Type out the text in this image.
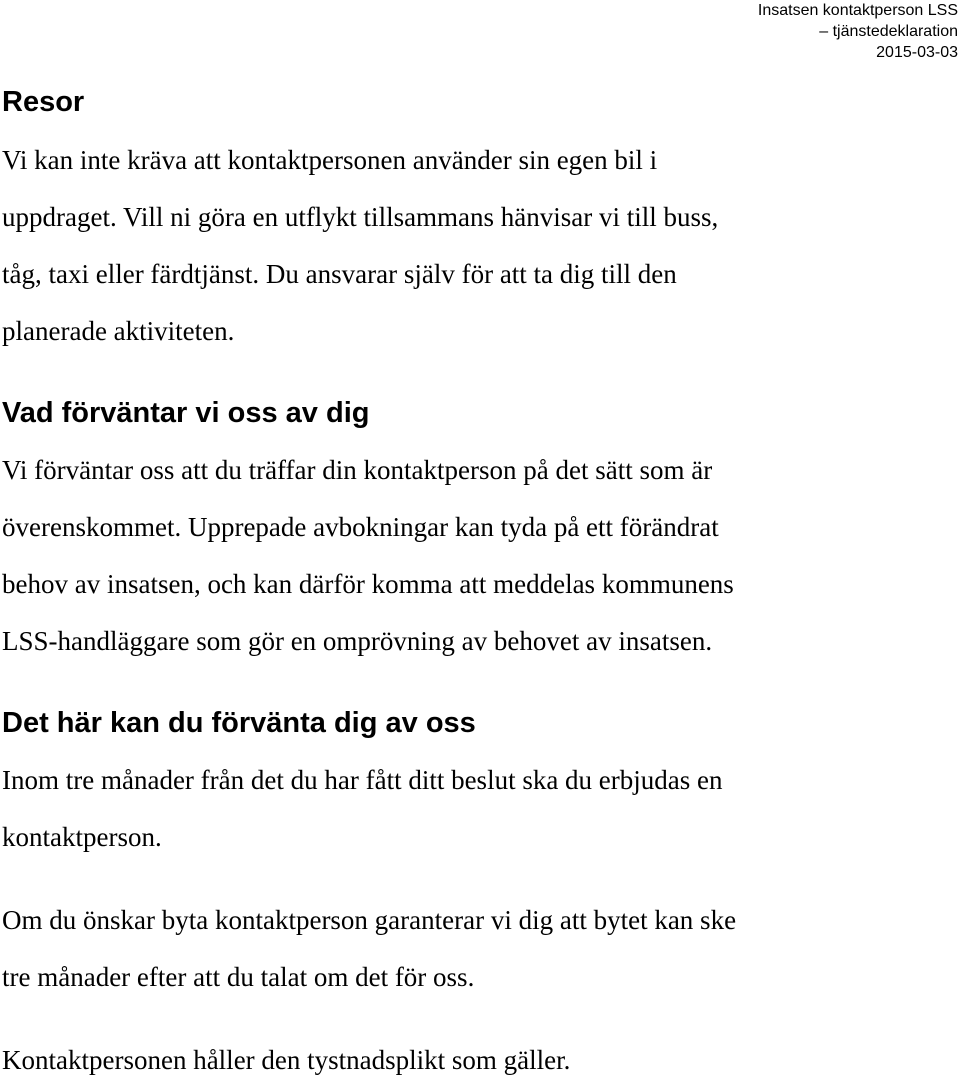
Insatsen kontaktperson LSS
– tjänstedeklaration
2015-03-03
Resor

Vi kan inte kräva att kontaktpersonen använder sin egen bil i
uppdraget. Vill ni göra en utflykt tillsammans hänvisar vi till buss,
tåg, taxi eller färdtjänst. Du ansvarar själv för att ta dig till den
planerade aktiviteten.

Vad förväntar vi oss av dig

Vi förväntar oss att du träffar din kontaktperson på det sätt som är
överenskommet. Upprepade avbokningar kan tyda på ett förändrat
behov av insatsen, och kan därför komma att meddelas kommunens
LSS-handläggare som gör en omprövning av behovet av insatsen.

Det här kan du förvänta dig av oss

Inom tre månader från det du har fått ditt beslut ska du erbjudas en
kontaktperson.

Om du önskar byta kontaktperson garanterar vi dig att bytet kan ske
tre månader efter att du talat om det för oss.

Kontaktpersonen håller den tystnadsplikt som gäller.
